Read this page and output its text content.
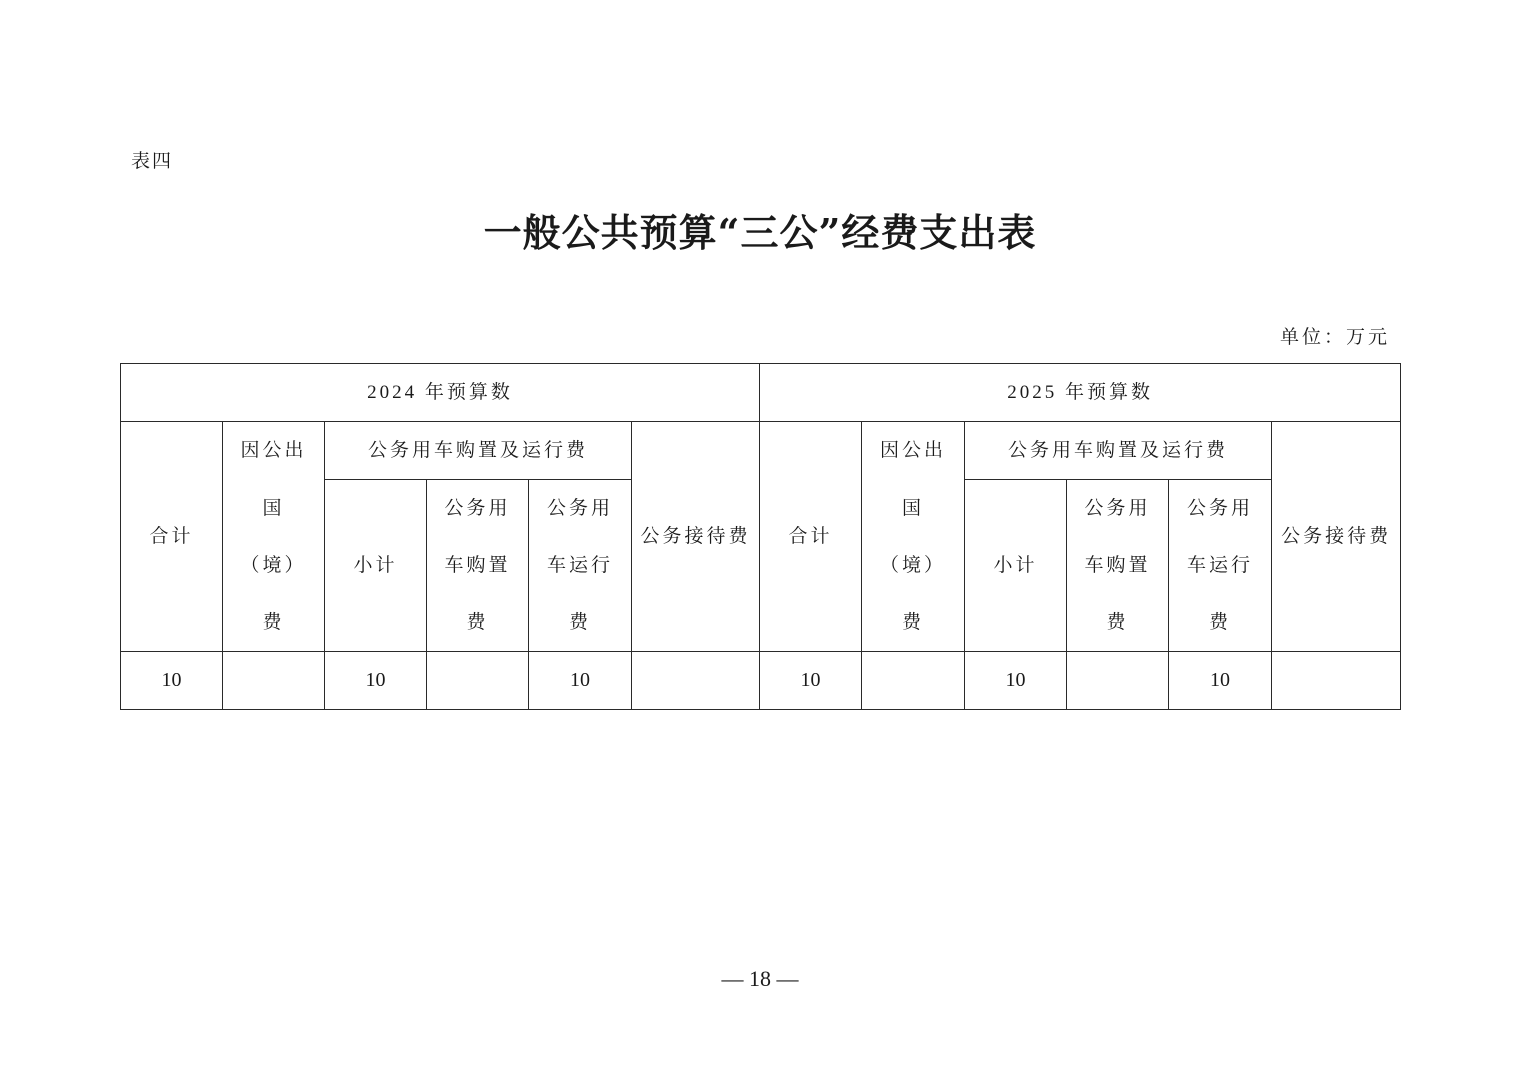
表四
一般公共预算“三公”经费支出表
单位：万元
2024 年预算数						2025 年预算数					
合计	因公出	公务用车购置及运行费			公务接待费	合计	因公出	公务用车购置及运行费			公务接待费
	国	小计	公务用	公务用			国	小计	公务用	公务用	
	（境）		车购置	车运行			（境）		车购置	车运行	
	费		费	费			费		费	费	
10		10		10		10		10		10	
— 18 —
